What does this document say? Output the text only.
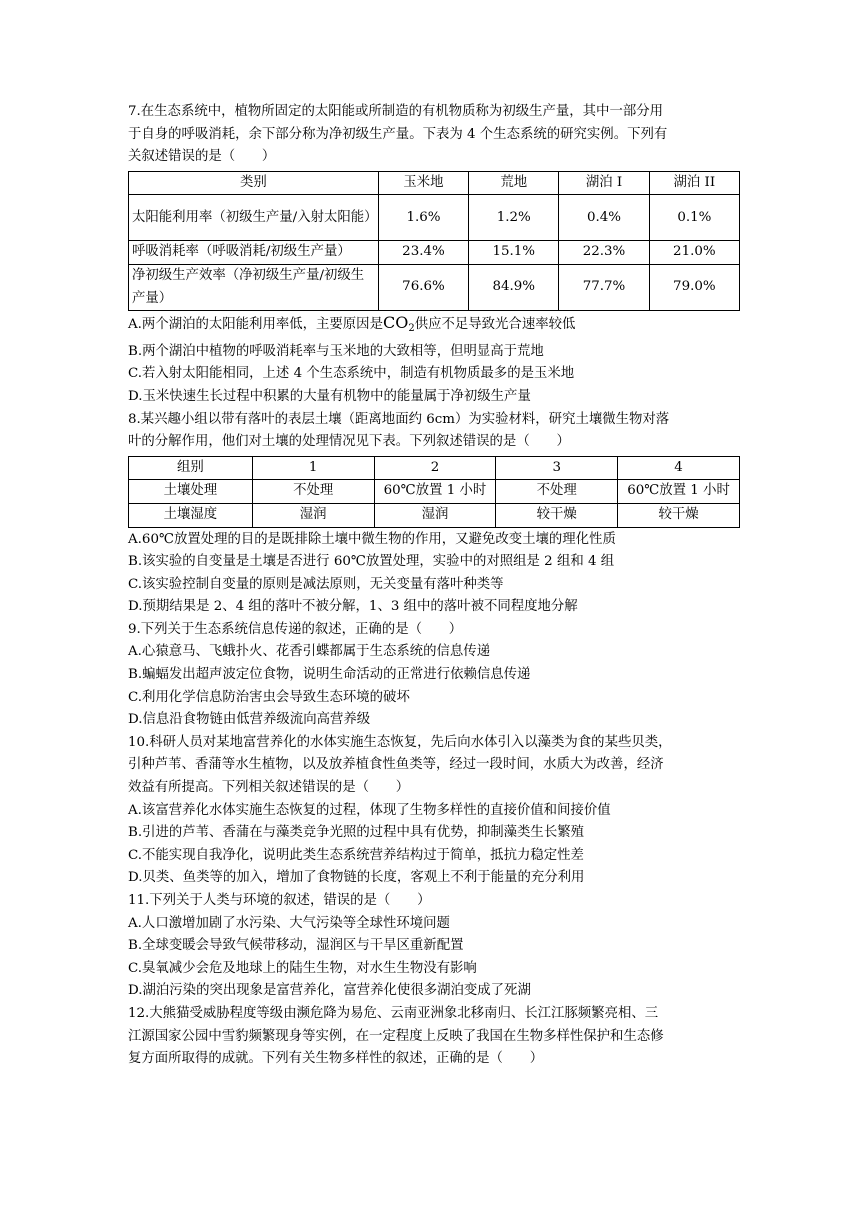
7.在生态系统中，植物所固定的太阳能或所制造的有机物质称为初级生产量，其中一部分用

于自身的呼吸消耗，余下部分称为净初级生产量。下表为 4 个生态系统的研究实例。下列有

关叙述错误的是（　　）

类别	玉米地	荒地	湖泊 I	湖泊 II
太阳能利用率（初级生产量/入射太阳能）	1.6%	1.2%	0.4%	0.1%
呼吸消耗率（呼吸消耗/初级生产量）	23.4%	15.1%	22.3%	21.0%
净初级生产效率（净初级生产量/初级生产量）	76.6%	84.9%	77.7%	79.0%

A.两个湖泊的太阳能利用率低，主要原因是$CO_2$供应不足导致光合速率较低

B.两个湖泊中植物的呼吸消耗率与玉米地的大致相等，但明显高于荒地

C.若入射太阳能相同，上述 4 个生态系统中，制造有机物质最多的是玉米地

D.玉米快速生长过程中积累的大量有机物中的能量属于净初级生产量

8.某兴趣小组以带有落叶的表层土壤（距离地面约 6cm）为实验材料，研究土壤微生物对落

叶的分解作用，他们对土壤的处理情况见下表。下列叙述错误的是（　　）

组别	1	2	3	4
土壤处理	不处理	60℃放置 1 小时	不处理	60℃放置 1 小时
土壤湿度	湿润	湿润	较干燥	较干燥

A.60℃放置处理的目的是既排除土壤中微生物的作用，又避免改变土壤的理化性质

B.该实验的自变量是土壤是否进行 60℃放置处理，实验中的对照组是 2 组和 4 组

C.该实验控制自变量的原则是减法原则，无关变量有落叶种类等

D.预期结果是 2、4 组的落叶不被分解，1、3 组中的落叶被不同程度地分解

9.下列关于生态系统信息传递的叙述，正确的是（　　）

A.心猿意马、飞蛾扑火、花香引蝶都属于生态系统的信息传递

B.蝙蝠发出超声波定位食物，说明生命活动的正常进行依赖信息传递

C.利用化学信息防治害虫会导致生态环境的破坏

D.信息沿食物链由低营养级流向高营养级

10.科研人员对某地富营养化的水体实施生态恢复，先后向水体引入以藻类为食的某些贝类，

引种芦苇、香蒲等水生植物，以及放养植食性鱼类等，经过一段时间，水质大为改善，经济

效益有所提高。下列相关叙述错误的是（　　）

A.该富营养化水体实施生态恢复的过程，体现了生物多样性的直接价值和间接价值

B.引进的芦苇、香蒲在与藻类竞争光照的过程中具有优势，抑制藻类生长繁殖

C.不能实现自我净化，说明此类生态系统营养结构过于简单，抵抗力稳定性差

D.贝类、鱼类等的加入，增加了食物链的长度，客观上不利于能量的充分利用

11.下列关于人类与环境的叙述，错误的是（　　）

A.人口激增加剧了水污染、大气污染等全球性环境问题

B.全球变暖会导致气候带移动，湿润区与干旱区重新配置

C.臭氧减少会危及地球上的陆生生物，对水生生物没有影响

D.湖泊污染的突出现象是富营养化，富营养化使很多湖泊变成了死湖

12.大熊猫受威胁程度等级由濒危降为易危、云南亚洲象北移南归、长江江豚频繁亮相、三

江源国家公园中雪豹频繁现身等实例，在一定程度上反映了我国在生物多样性保护和生态修

复方面所取得的成就。下列有关生物多样性的叙述，正确的是（　　）
